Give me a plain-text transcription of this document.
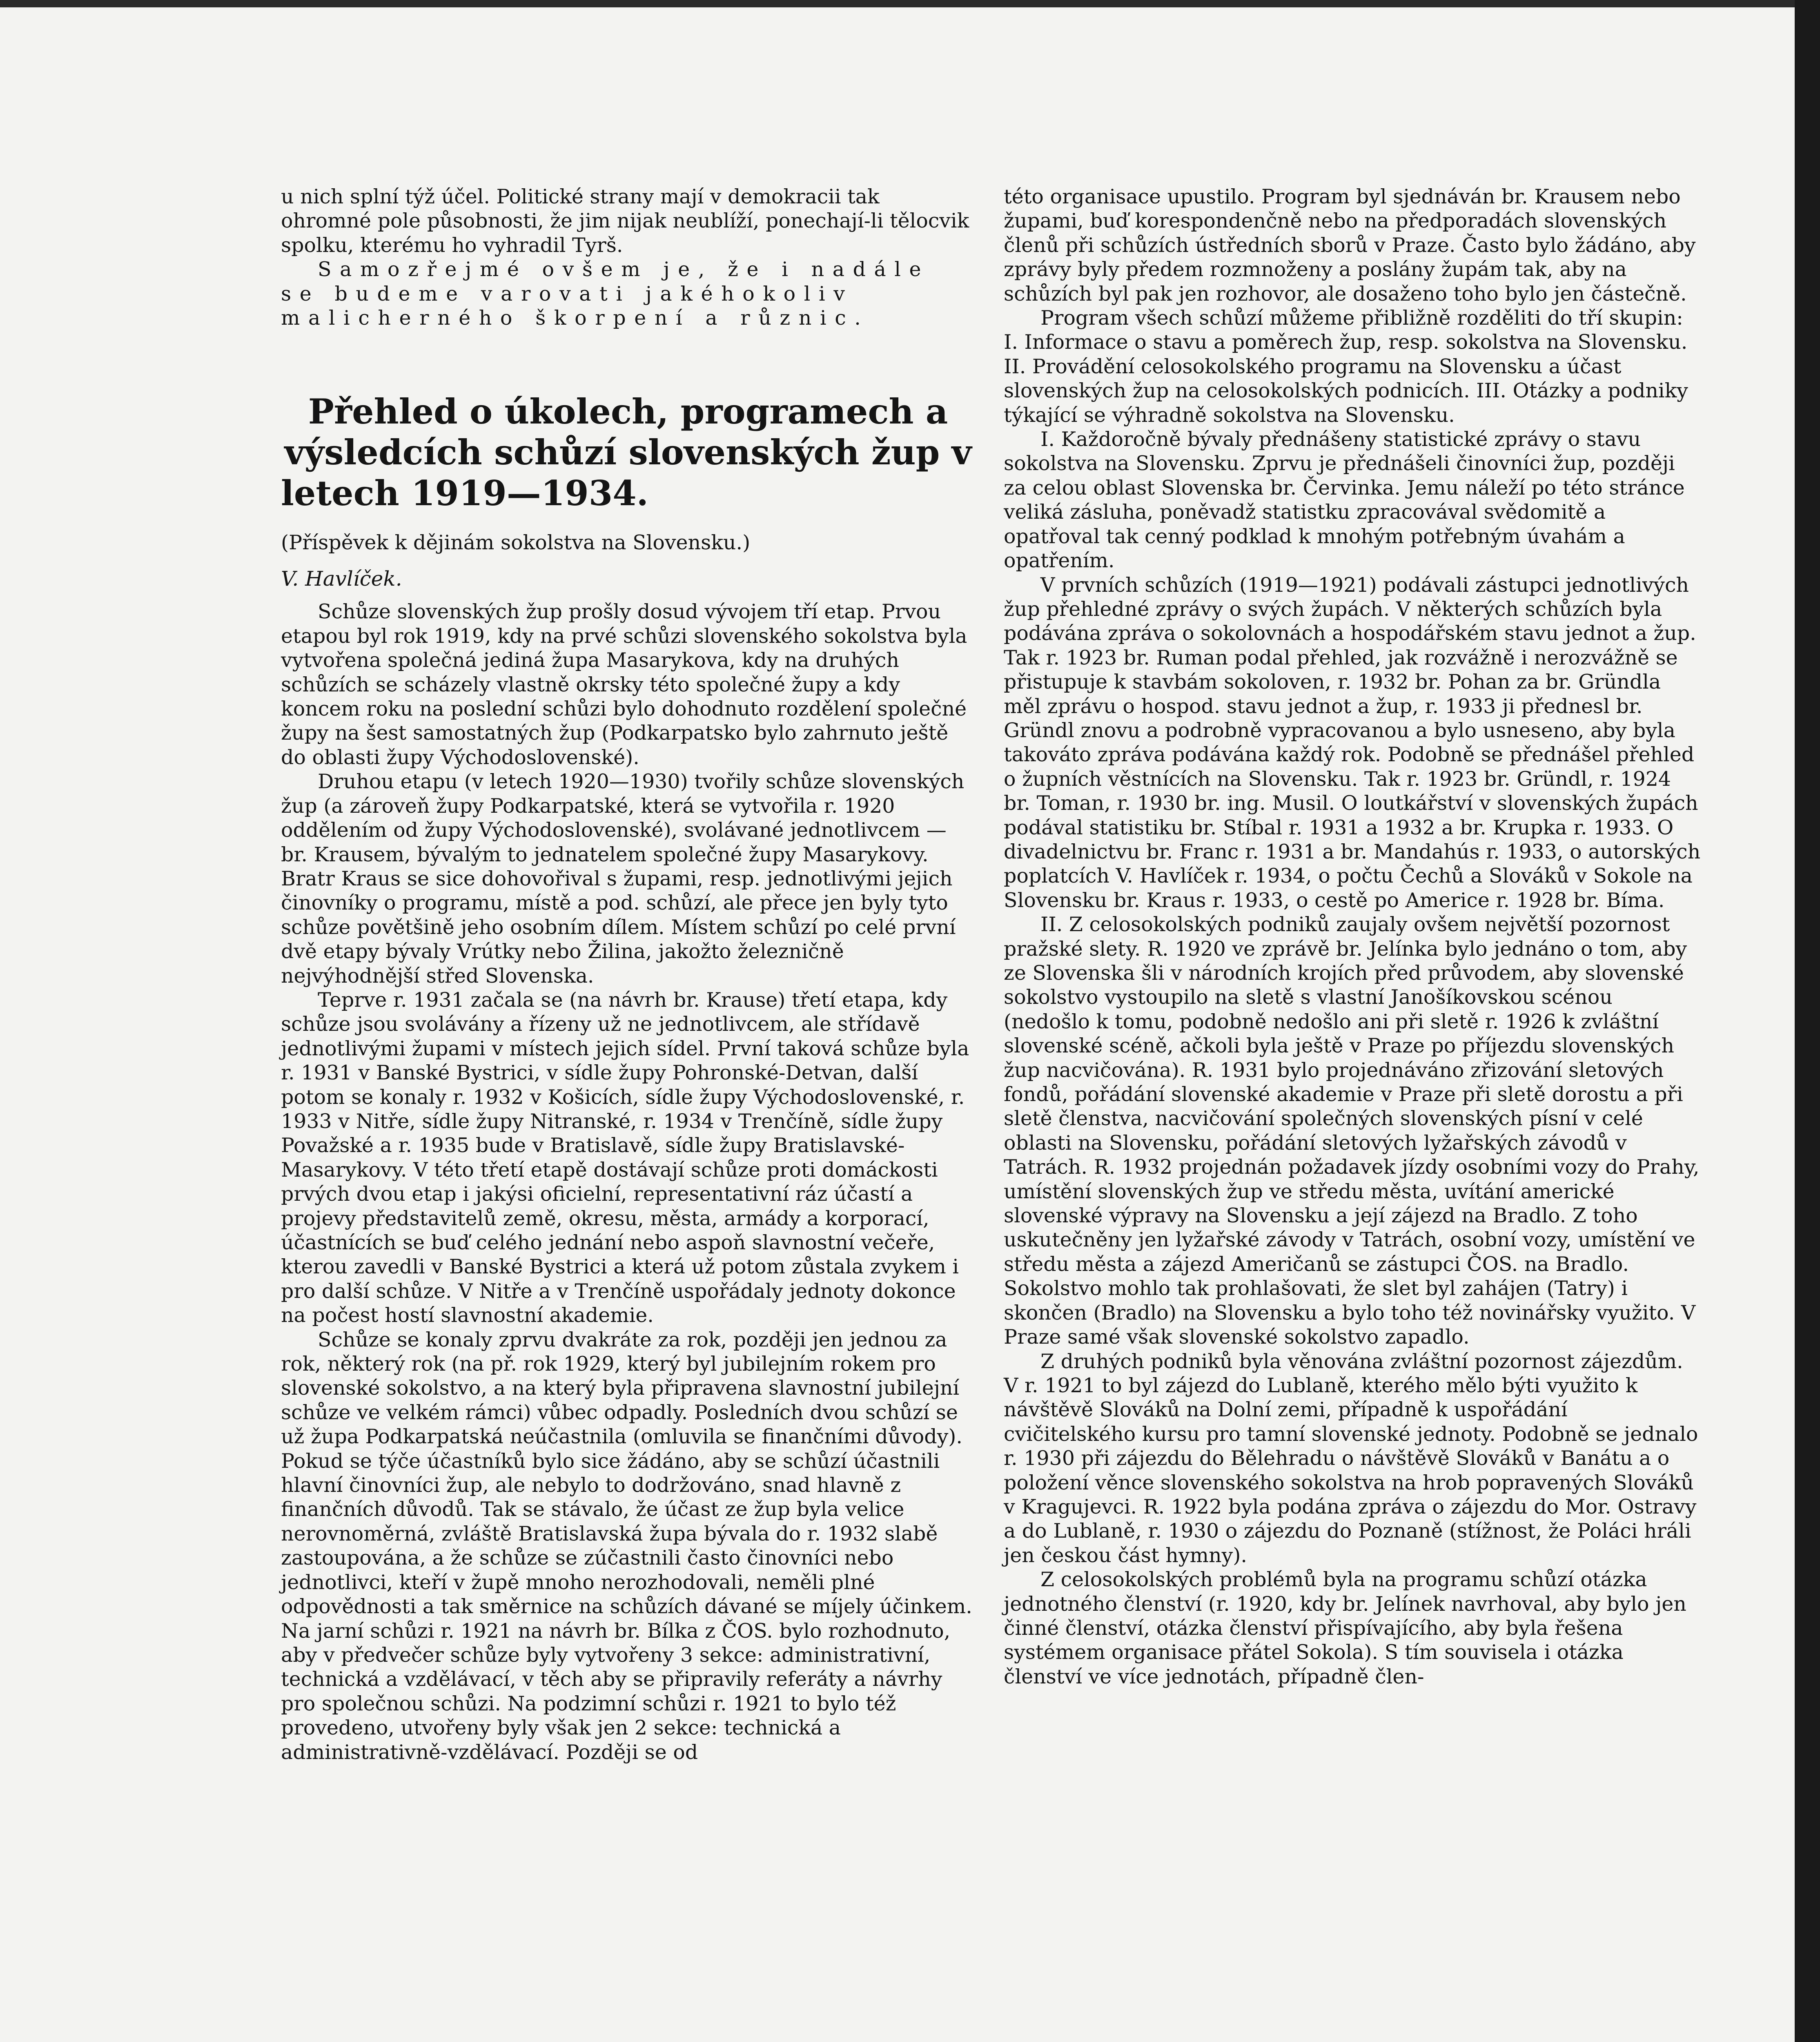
u nich splní týž účel. Politické strany mají v demokracii tak ohromné pole působnosti, že jim nijak neublíží, ponechají-li tělocvik spolku, kterému ho vyhradil Tyrš.

Samozřejmé ovšem je, že i nadále se budeme varovati jakéhokoliv malicherného škorpení a různic.

Přehled o úkolech, programech a výsledcích schůzí slovenských žup v letech 1919—1934.
(Příspěvek k dějinám sokolstva na Slovensku.)
V. Havlíček.

Schůze slovenských žup prošly dosud vývojem tří etap. Prvou etapou byl rok 1919, kdy na prvé schůzi slovenského sokolstva byla vytvořena společná jediná župa Masarykova, kdy na druhých schůzích se scházely vlastně okrsky této společné župy a kdy koncem roku na poslední schůzi bylo dohodnuto rozdělení společné župy na šest samostatných žup (Podkarpatsko bylo zahrnuto ještě do oblasti župy Východoslovenské).

Druhou etapu (v letech 1920—1930) tvořily schůze slovenských žup (a zároveň župy Podkarpatské, která se vytvořila r. 1920 oddělením od župy Východoslovenské), svolávané jednotlivcem — br. Krausem, bývalým to jednatelem společné župy Masarykovy. Bratr Kraus se sice dohovořival s župami, resp. jednotlivými jejich činovníky o programu, místě a pod. schůzí, ale přece jen byly tyto schůze povětšině jeho osobním dílem. Místem schůzí po celé první dvě etapy bývaly Vrútky nebo Žilina, jakožto železničně nejvýhodnější střed Slovenska.

Teprve r. 1931 začala se (na návrh br. Krause) třetí etapa, kdy schůze jsou svolávány a řízeny už ne jednotlivcem, ale střídavě jednotlivými župami v místech jejich sídel. První taková schůze byla r. 1931 v Banské Bystrici, v sídle župy Pohronské-Detvan, další potom se konaly r. 1932 v Košicích, sídle župy Východoslovenské, r. 1933 v Nitře, sídle župy Nitranské, r. 1934 v Trenčíně, sídle župy Považské a r. 1935 bude v Bratislavě, sídle župy Bratislavské-Masarykovy. V této třetí etapě dostávají schůze proti domáckosti prvých dvou etap i jakýsi oficielní, representativní ráz účastí a projevy představitelů země, okresu, města, armády a korporací, účastnících se buď celého jednání nebo aspoň slavnostní večeře, kterou zavedli v Banské Bystrici a která už potom zůstala zvykem i pro další schůze. V Nitře a v Trenčíně uspořádaly jednoty dokonce na počest hostí slavnostní akademie.

Schůze se konaly zprvu dvakráte za rok, později jen jednou za rok, některý rok (na př. rok 1929, který byl jubilejním rokem pro slovenské sokolstvo, a na který byla připravena slavnostní jubilejní schůze ve velkém rámci) vůbec odpadly. Posledních dvou schůzí se už župa Podkarpatská neúčastnila (omluvila se finančními důvody). Pokud se týče účastníků bylo sice žádáno, aby se schůzí účastnili hlavní činovníci žup, ale nebylo to dodržováno, snad hlavně z finančních důvodů. Tak se stávalo, že účast ze žup byla velice nerovnoměrná, zvláště Bratislavská župa bývala do r. 1932 slabě zastoupována, a že schůze se zúčastnili často činovníci nebo jednotlivci, kteří v župě mnoho nerozhodovali, neměli plné odpovědnosti a tak směrnice na schůzích dávané se míjely účinkem. Na jarní schůzi r. 1921 na návrh br. Bílka z ČOS. bylo rozhodnuto, aby v předvečer schůze byly vytvořeny 3 sekce: administrativní, technická a vzdělávací, v těch aby se připravily referáty a návrhy pro společnou schůzi. Na podzimní schůzi r. 1921 to bylo též provedeno, utvořeny byly však jen 2 sekce: technická a administrativně-vzdělávací. Později se od

této organisace upustilo. Program byl sjednáván br. Krausem nebo župami, buď korespondenčně nebo na předporadách slovenských členů při schůzích ústředních sborů v Praze. Často bylo žádáno, aby zprávy byly předem rozmnoženy a poslány župám tak, aby na schůzích byl pak jen rozhovor, ale dosaženo toho bylo jen částečně.

Program všech schůzí můžeme přibližně rozděliti do tří skupin: I. Informace o stavu a poměrech žup, resp. sokolstva na Slovensku. II. Provádění celosokolského programu na Slovensku a účast slovenských žup na celosokolských podnicích. III. Otázky a podniky týkající se výhradně sokolstva na Slovensku.

I. Každoročně bývaly přednášeny statistické zprávy o stavu sokolstva na Slovensku. Zprvu je přednášeli činovníci žup, později za celou oblast Slovenska br. Červinka. Jemu náleží po této stránce veliká zásluha, poněvadž statistku zpracovával svědomitě a opatřoval tak cenný podklad k mnohým potřebným úvahám a opatřením.

V prvních schůzích (1919—1921) podávali zástupci jednotlivých žup přehledné zprávy o svých župách. V některých schůzích byla podávána zpráva o sokolovnách a hospodářském stavu jednot a žup. Tak r. 1923 br. Ruman podal přehled, jak rozvážně i nerozvážně se přistupuje k stavbám sokoloven, r. 1932 br. Pohan za br. Gründla měl zprávu o hospod. stavu jednot a žup, r. 1933 ji přednesl br. Gründl znovu a podrobně vypracovanou a bylo usneseno, aby byla takováto zpráva podávána každý rok. Podobně se přednášel přehled o župních věstnících na Slovensku. Tak r. 1923 br. Gründl, r. 1924 br. Toman, r. 1930 br. ing. Musil. O loutkářství v slovenských župách podával statistiku br. Stíbal r. 1931 a 1932 a br. Krupka r. 1933. O divadelnictvu br. Franc r. 1931 a br. Mandahús r. 1933, o autorských poplatcích V. Havlíček r. 1934, o počtu Čechů a Slováků v Sokole na Slovensku br. Kraus r. 1933, o cestě po Americe r. 1928 br. Bíma.

II. Z celosokolských podniků zaujaly ovšem největší pozornost pražské slety. R. 1920 ve zprávě br. Jelínka bylo jednáno o tom, aby ze Slovenska šli v národních krojích před průvodem, aby slovenské sokolstvo vystoupilo na sletě s vlastní Janošíkovskou scénou (nedošlo k tomu, podobně nedošlo ani při sletě r. 1926 k zvláštní slovenské scéně, ačkoli byla ještě v Praze po příjezdu slovenských žup nacvičována). R. 1931 bylo projednáváno zřizování sletových fondů, pořádání slovenské akademie v Praze při sletě dorostu a při sletě členstva, nacvičování společných slovenských písní v celé oblasti na Slovensku, pořádání sletových lyžařských závodů v Tatrách. R. 1932 projednán požadavek jízdy osobními vozy do Prahy, umístění slovenských žup ve středu města, uvítání americké slovenské výpravy na Slovensku a její zájezd na Bradlo. Z toho uskutečněny jen lyžařské závody v Tatrách, osobní vozy, umístění ve středu města a zájezd Američanů se zástupci ČOS. na Bradlo. Sokolstvo mohlo tak prohlašovati, že slet byl zahájen (Tatry) i skončen (Bradlo) na Slovensku a bylo toho též novinářsky využito. V Praze samé však slovenské sokolstvo zapadlo.

Z druhých podniků byla věnována zvláštní pozornost zájezdům. V r. 1921 to byl zájezd do Lublaně, kterého mělo býti využito k návštěvě Slováků na Dolní zemi, případně k uspořádání cvičitelského kursu pro tamní slovenské jednoty. Podobně se jednalo r. 1930 při zájezdu do Bělehradu o návštěvě Slováků v Banátu a o položení věnce slovenského sokolstva na hrob popravených Slováků v Kragujevci. R. 1922 byla podána zpráva o zájezdu do Mor. Ostravy a do Lublaně, r. 1930 o zájezdu do Poznaně (stížnost, že Poláci hráli jen českou část hymny).

Z celosokolských problémů byla na programu schůzí otázka jednotného členství (r. 1920, kdy br. Jelínek navrhoval, aby bylo jen činné členství, otázka členství přispívajícího, aby byla řešena systémem organisace přátel Sokola). S tím souvisela i otázka členství ve více jednotách, případně člen-
